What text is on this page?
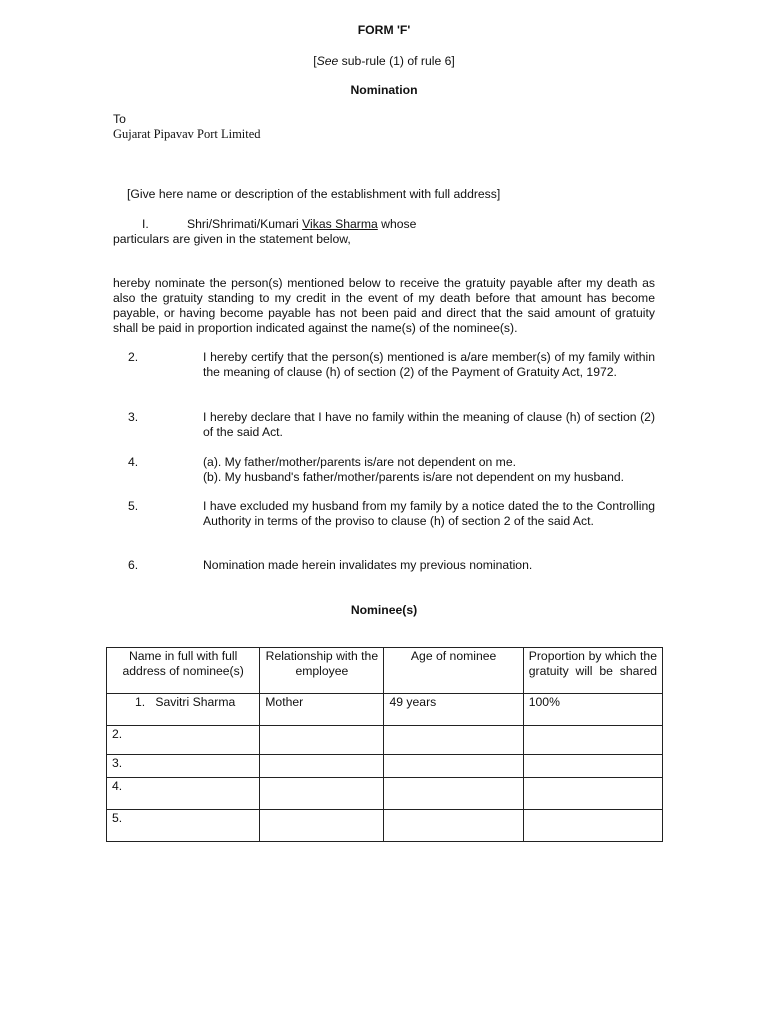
FORM 'F'
[See sub-rule (1) of rule 6]
Nomination
To
Gujarat Pipavav Port Limited
[Give here name or description of the establishment with full address]
I.	Shri/Shrimati/Kumari Vikas Sharma whose
particulars are given in the statement below,
hereby nominate the person(s) mentioned below to receive the gratuity payable after my death as also the gratuity standing to my credit in the event of my death before that amount has become payable, or having become payable has not been paid and direct that the said amount of gratuity shall be paid in proportion indicated against the name(s) of the nominee(s).
2.	I hereby certify that the person(s) mentioned is a/are member(s) of my family within the meaning of clause (h) of section (2) of the Payment of Gratuity Act, 1972.
3.	I hereby declare that I have no family within the meaning of clause (h) of section (2) of the said Act.
4.	(a). My father/mother/parents is/are not dependent on me.
(b). My husband's father/mother/parents is/are not dependent on my husband.
5.	I have excluded my husband from my family by a notice dated the to the Controlling Authority in terms of the proviso to clause (h) of section 2 of the said Act.
6.	Nomination made herein invalidates my previous nomination.
Nominee(s)
Name in full with full address of nominee(s)	Relationship with the employee	Age of nominee	Proportion by which the gratuity will be shared

1.   Savitri Sharma	Mother	49 years	100%
2.			
3.			
4.			
5.			
